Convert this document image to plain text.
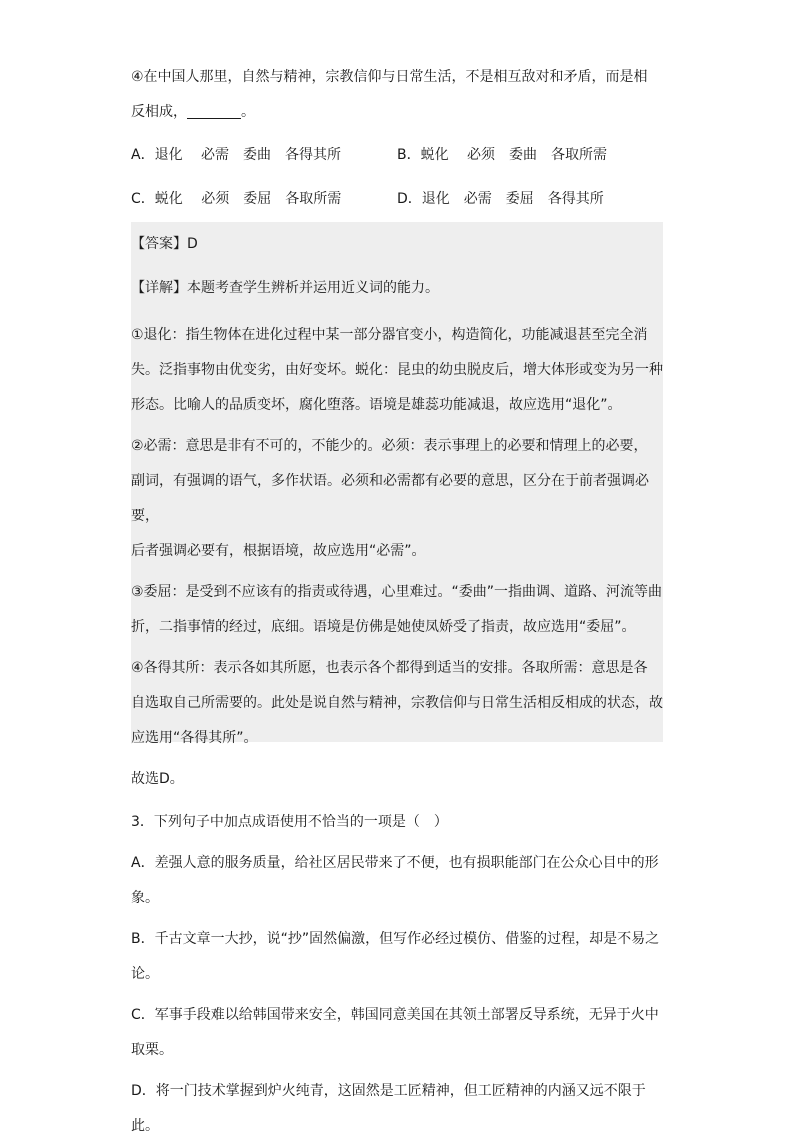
④在中国人那里，自然与精神，宗教信仰与日常生活，不是相互敌对和矛盾，而是相

反相成，	。

A．退化　 必需　委曲　各得其所	B．蜕化　 必须　委曲　各取所需
C．蜕化　 必须　委屈　各取所需	D．退化　必需　委屈　各得其所

【答案】D

【详解】本题考查学生辨析并运用近义词的能力。

①退化：指生物体在进化过程中某一部分器官变小，构造简化，功能减退甚至完全消

失。泛指事物由优变劣，由好变坏。蜕化：昆虫的幼虫脱皮后，增大体形或变为另一种

形态。比喻人的品质变坏，腐化堕落。语境是雄蕊功能减退，故应选用“退化”。

②必需：意思是非有不可的，不能少的。必须：表示事理上的必要和情理上的必要，

副词，有强调的语气，多作状语。必须和必需都有必要的意思，区分在于前者强调必要，

后者强调必要有，根据语境，故应选用“必需”。

③委屈：是受到不应该有的指责或待遇，心里难过。“委曲”一指曲调、道路、河流等曲

折，二指事情的经过，底细。语境是仿佛是她使凤娇受了指责，故应选用“委屈”。

④各得其所：表示各如其所愿，也表示各个都得到适当的安排。各取所需：意思是各

自选取自己所需要的。此处是说自然与精神，宗教信仰与日常生活相反相成的状态，故

应选用“各得其所”。

故选D。

3．下列句子中加点成语使用不恰当的一项是（　）

A．差强人意的服务质量，给社区居民带来了不便，也有损职能部门在公众心目中的形

象。

B．千古文章一大抄，说“抄”固然偏激，但写作必经过模仿、借鉴的过程，却是不易之

论。

C．军事手段难以给韩国带来安全，韩国同意美国在其领土部署反导系统，无异于火中

取栗。

D．将一门技术掌握到炉火纯青，这固然是工匠精神，但工匠精神的内涵又远不限于此。
